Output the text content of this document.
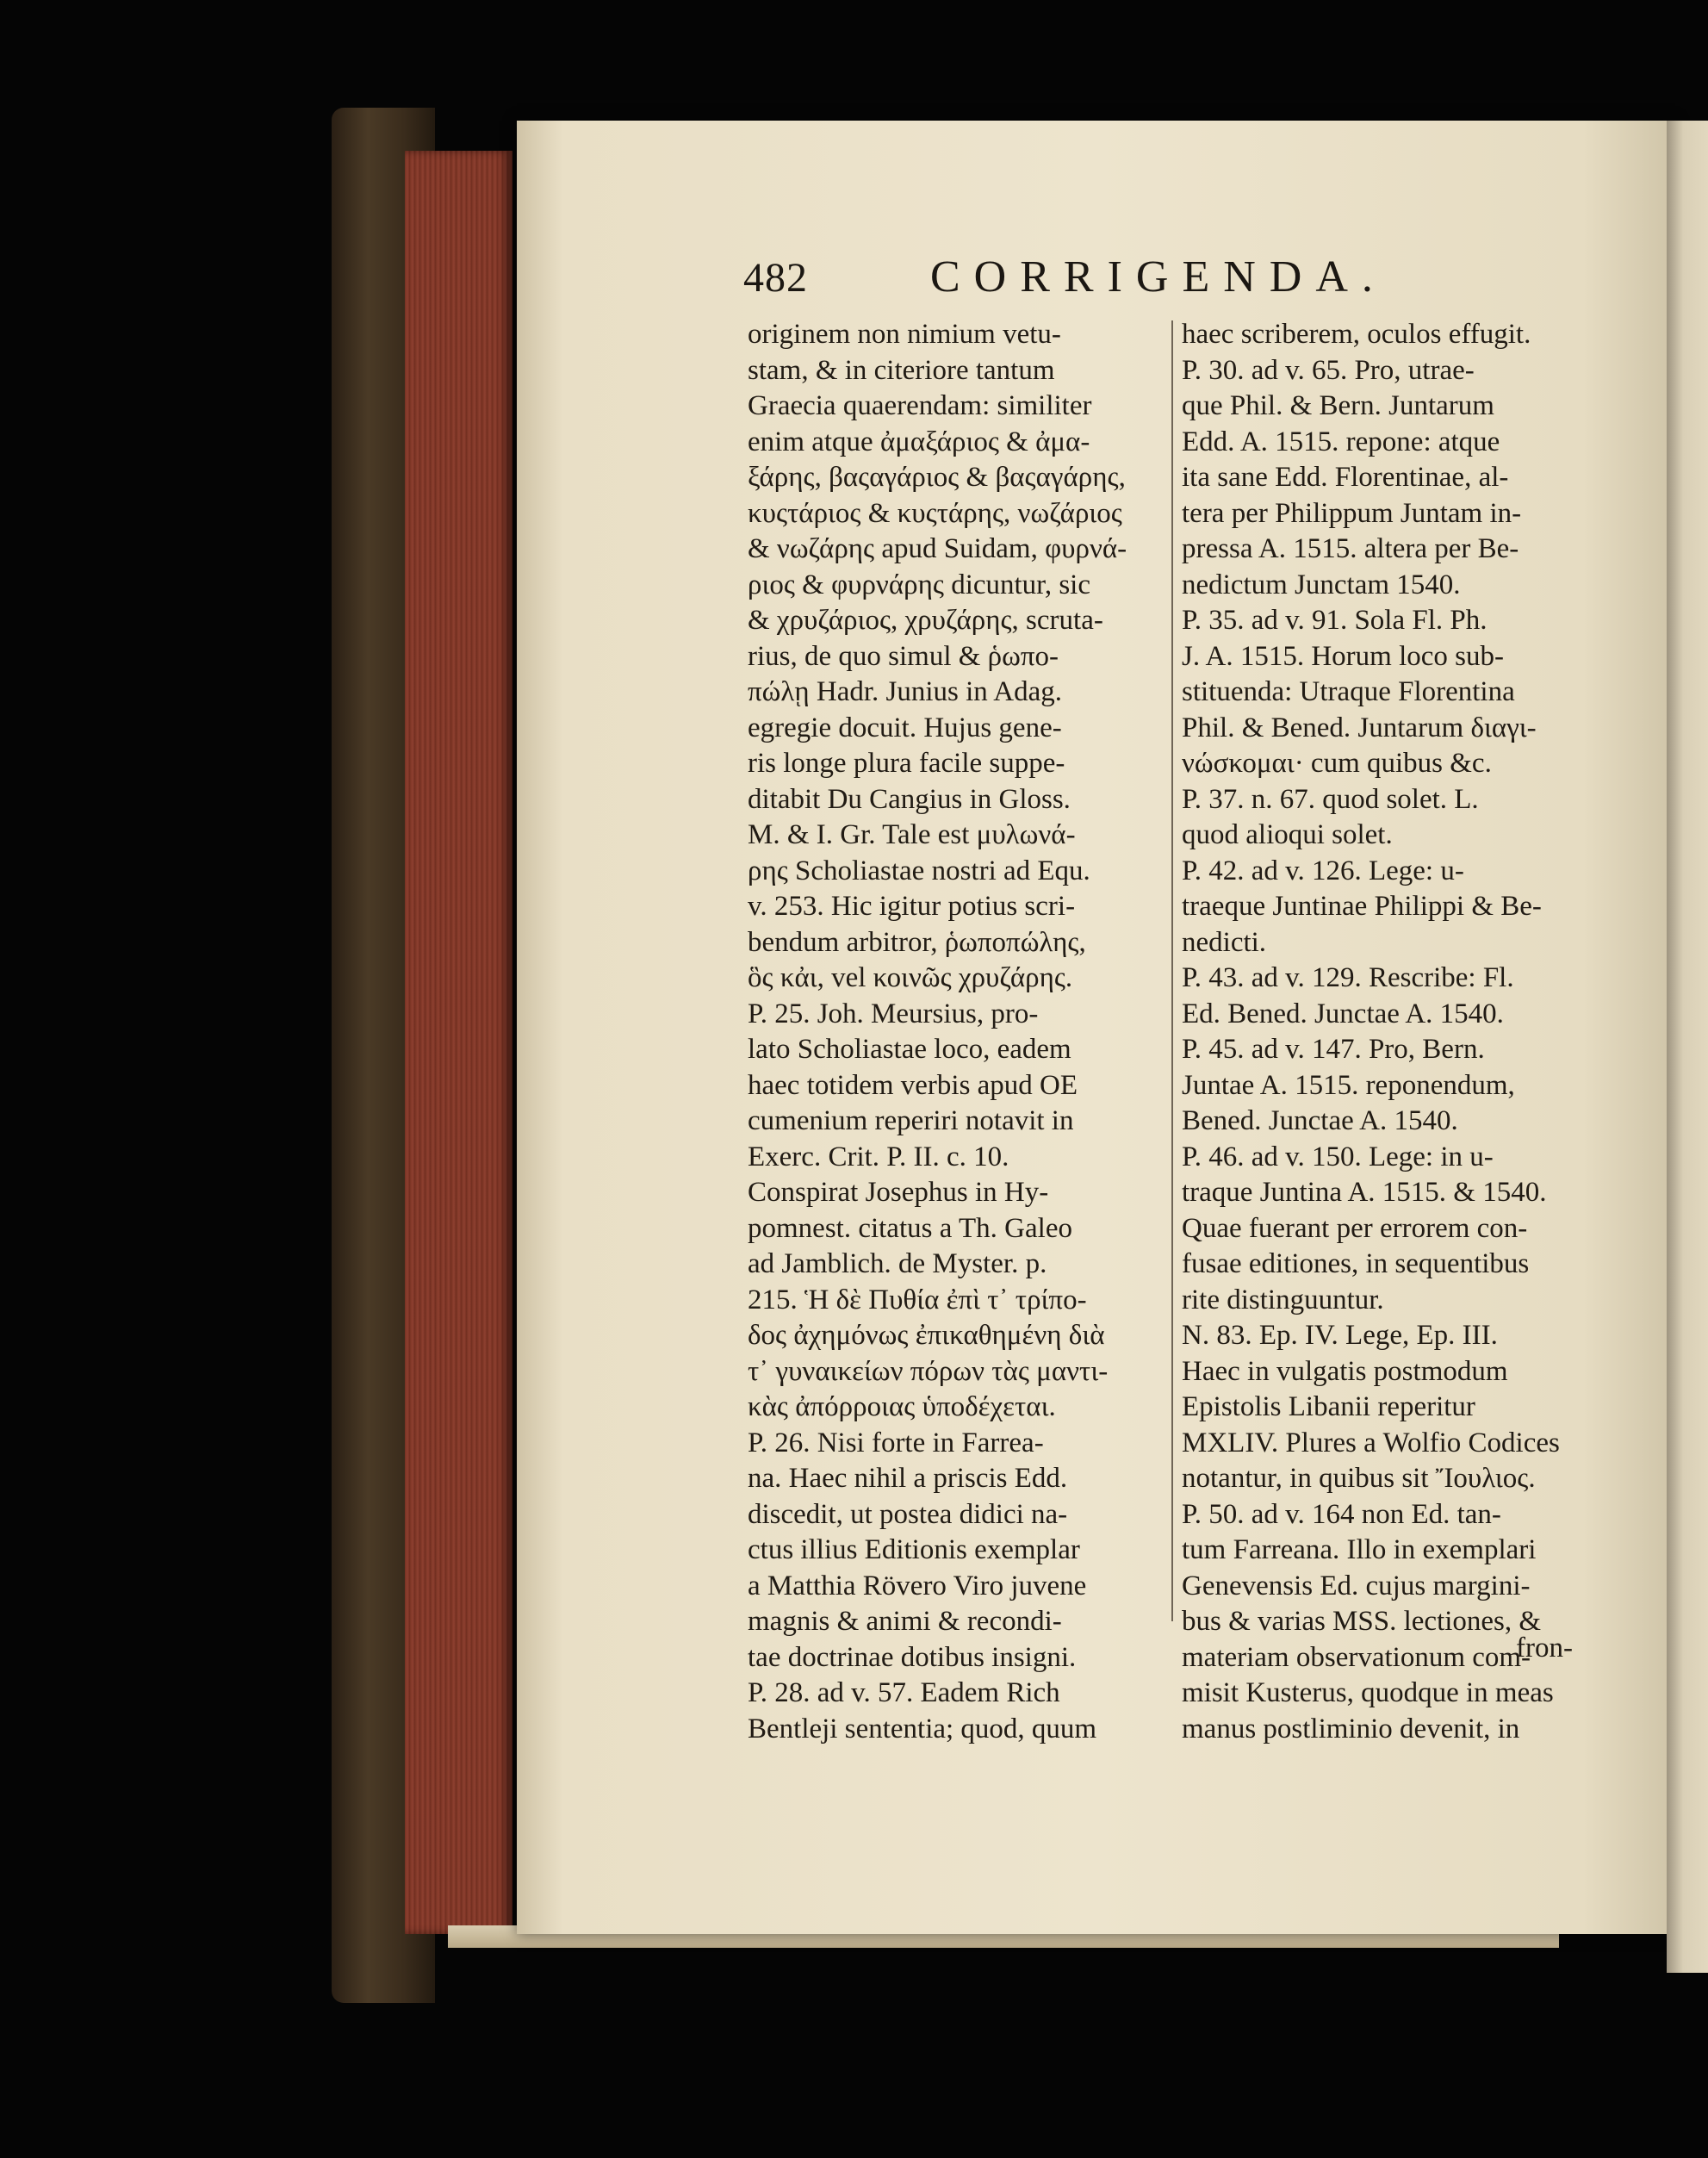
482	CORRIGENDA.
originem non nimium vetu-
stam, & in citeriore tantum
Graecia quaerendam: similiter
enim atque ἀμαξάριος & ἀμα-
ξάρης, βαςαγάριος & βαςαγάρης,
κυςτάριος & κυςτάρης, νωζάριος
& νωζάρης apud Suidam, φυρνά-
ριος & φυρνάρης dicuntur, sic
& χρυζάριος, χρυζάρης, scruta-
rius, de quo simul & ῥωπο-
πώλῃ Hadr. Junius in Adag.
egregie docuit. Hujus gene-
ris longe plura facile suppe-
ditabit Du Cangius in Gloss.
M. & I. Gr. Tale est μυλωνά-
ρης Scholiastae nostri ad Equ.
v. 253. Hic igitur potius scri-
bendum arbitror, ῥωποπώλης,
ὃς κἀι, vel κοινῶς χρυζάρης.
P. 25. Joh. Meursius, pro-
lato Scholiastae loco, eadem
haec totidem verbis apud OE
cumenium reperiri notavit in
Exerc. Crit. P. II. c. 10.
Conspirat Josephus in Hy-
pomnest. citatus a Th. Galeo
ad Jamblich. de Myster. p.
215. Ἡ δὲ Πυθία ἐπὶ τ᾽ τρίπο-
δος ἀχημόνως ἐπικαθημένη διὰ
τ᾽ γυναικείων πόρων τὰς μαντι-
κὰς ἀπόρροιας ὑποδέχεται.
P. 26. Nisi forte in Farrea-
na. Haec nihil a priscis Edd.
discedit, ut postea didici na-
ctus illius Editionis exemplar
a Matthia Rövero Viro juvene
magnis & animi & recondi-
tae doctrinae dotibus insigni.
P. 28. ad v. 57. Eadem Rich
Bentleji sententia; quod, quum
haec scriberem, oculos effugit.
P. 30. ad v. 65. Pro, utrae-
que Phil. & Bern. Juntarum
Edd. A. 1515. repone: atque
ita sane Edd. Florentinae, al-
tera per Philippum Juntam in-
pressa A. 1515. altera per Be-
nedictum Junctam 1540.
P. 35. ad v. 91. Sola Fl. Ph.
J. A. 1515. Horum loco sub-
stituenda: Utraque Florentina
Phil. & Bened. Juntarum διαγι-
νώσκομαι· cum quibus &c.
P. 37. n. 67. quod solet. L.
quod alioqui solet.
P. 42. ad v. 126. Lege: u-
traeque Juntinae Philippi & Be-
nedicti.
P. 43. ad v. 129. Rescribe: Fl.
Ed. Bened. Junctae A. 1540.
P. 45. ad v. 147. Pro, Bern.
Juntae A. 1515. reponendum,
Bened. Junctae A. 1540.
P. 46. ad v. 150. Lege: in u-
traque Juntina A. 1515. & 1540.
Quae fuerant per errorem con-
fusae editiones, in sequentibus
rite distinguuntur.
N. 83. Ep. IV. Lege, Ep. III.
Haec in vulgatis postmodum
Epistolis Libanii reperitur
MXLIV. Plures a Wolfio Codices
notantur, in quibus sit Ἴουλιος.
P. 50. ad v. 164 non Ed. tan-
tum Farreana. Illo in exemplari
Genevensis Ed. cujus margini-
bus & varias MSS. lectiones, &
materiam observationum com-
misit Kusterus, quodque in meas
manus postliminio devenit, in
fron-
